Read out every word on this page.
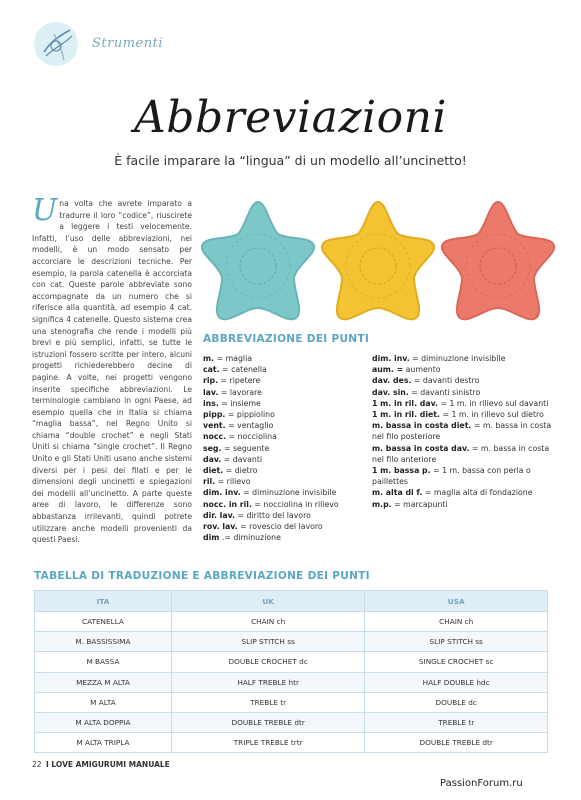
Strumenti
Abbreviazioni
È facile imparare la “lingua” di un modello all’uncinetto!
Una volta che avrete imparato a tradurre il loro “codice”, riuscirete a leggere i testi velocemente. Infatti, l’uso delle abbreviazioni, nei modelli, è un modo sensato per accorciare le descrizioni tecniche. Per esempio, la parola catenella è accorciata con cat. Queste parole abbreviate sono accompagnate da un numero che si riferisce alla quantità, ad esempio 4 cat. significa 4 catenelle. Questo sistema crea una stenografia che rende i modelli più brevi e più semplici, infatti, se tutte le istruzioni fossero scritte per intero, alcuni progetti richiederebbero decine di pagine. A volte, nei progetti vengono inserite specifiche abbreviazioni. Le terminologie cambiano in ogni Paese, ad esempio quella che in Italia si chiama “maglia bassa”, nel Regno Unito si chiama “double crochet” e negli Stati Uniti si chiama “single crochet”. Il Regno Unito e gli Stati Uniti usano anche sistemi diversi per i pesi dei filati e per le dimensioni degli uncinetti e spiegazioni dei modelli all’uncinetto. A parte queste aree di lavoro, le differenze sono abbastanza irrilevanti, quindi potrete utilizzare anche modelli provenienti da questi Paesi.
ABBREVIAZIONE DEI PUNTI
m. = maglia
cat. = catenella
rip. = ripetere
lav. = lavorare
ins. = insieme
pipp. = pippiolino
vent. = ventaglio
nocc. = nocciolina
seg. = seguente
dav. = davanti
diet. = dietro
ril. = rilievo
dim. inv. = diminuzione invisibile
nocc. in ril. = nocciolina in rilievo
dir. lav. = diritto del lavoro
rov. lav. = rovescio del lavoro
dim .= diminuzione
dim. inv. = diminuzione invisibile
aum. = aumento
dav. des. = davanti destro
dav. sin. = davanti sinistro
1 m. in ril. dav. = 1 m. in rilievo sul davanti
1 m. in ril. diet. = 1 m. in rilievo sul dietro
m. bassa in costa diet. = m. bassa in costa nel filo posteriore
m. bassa in costa dav. = m. bassa in costa nel filo anteriore
1 m. bassa p. = 1 m. bassa con perla o paillettes
m. alta di f. = maglia alta di fondazione
m.p. = marcapunti
TABELLA DI TRADUZIONE E ABBREVIAZIONE DEI PUNTI
ITA	UK	USA
CATENELLA	CHAIN ch	CHAIN ch
M. BASSISSIMA	SLIP STITCH ss	SLIP STITCH ss
M BASSA	DOUBLE CROCHET dc	SINGLE CROCHET sc
MEZZA M ALTA	HALF TREBLE htr	HALF DOUBLE hdc
M ALTA	TREBLE tr	DOUBLE dc
M ALTA DOPPIA	DOUBLE TREBLE dtr	TREBLE tr
M ALTA TRIPLA	TRIPLE TREBLE trtr	DOUBLE TREBLE dtr
22 I LOVE AMIGURUMI MANUALE
PassionForum.ru
